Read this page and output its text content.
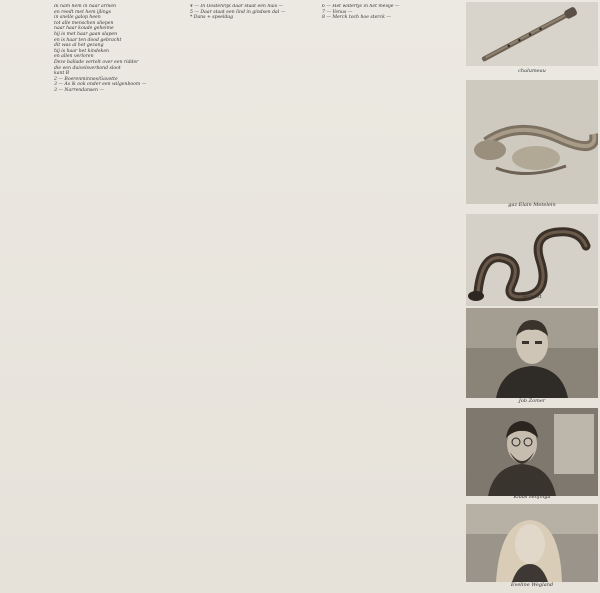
Ik nam hem in haar armen

en reedt met hem ijlings

in snelle galop heen

tot alle menschen sliepen

naar haar koude geheime

hij is met haar gaan slapen

en is haar ten dood gebracht

dit was al het gezang

hij is haar het kindeken

en allen verloren

Deze ballade vertelt over een ridder

die een duivelsverbond sloot

kant B

2 — Boerenminnes/Gavotte

3 — As ik ook onder een wilgenboom —

3 — Narrendansen —

4 — In Oostenrijk daar staat een huis —

5 — Daar staat een lind in gindsen dal —

* Dans + speeldag

6 — Het wiltertje in het meisje —

7 — Venus —

8 — Merck toch hoe sterck —

chalumeau
gaz Elain Metelein
serpent
Job Zomer
Klaas Hoijinga
Eveline Wegland
